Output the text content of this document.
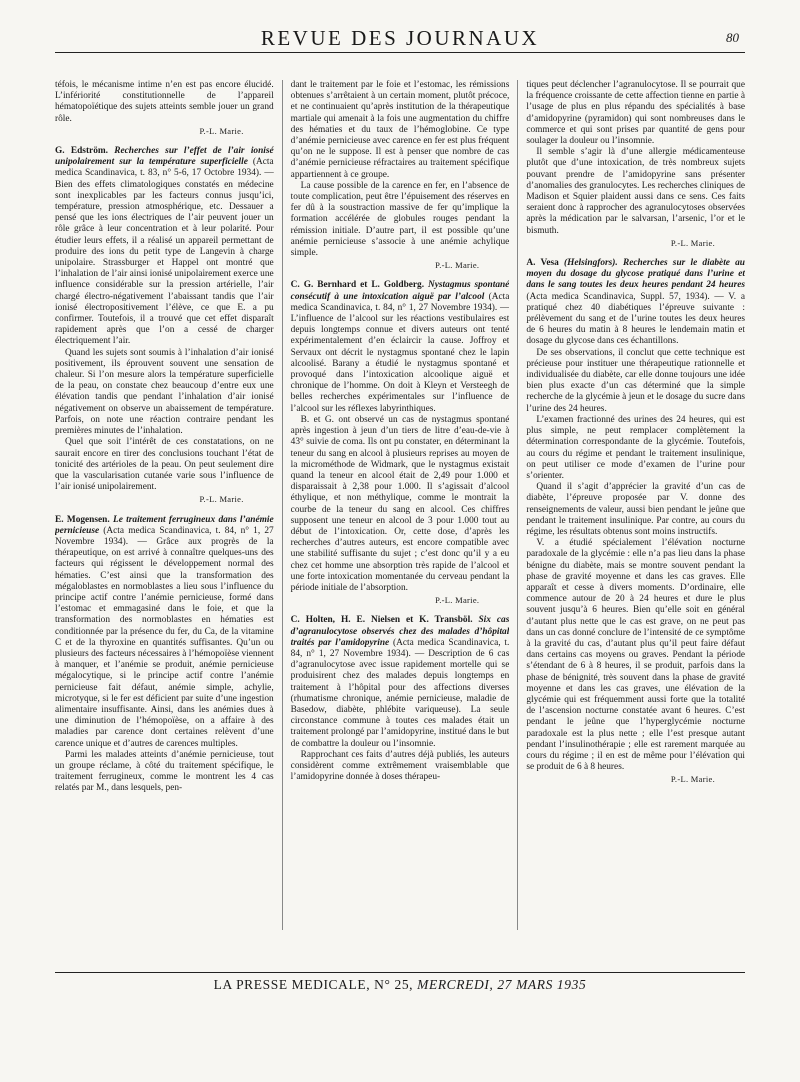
REVUE DES JOURNAUX	80

téfois, le mécanisme intime n’en est pas encore élucidé. L’infériorité constitutionnelle de l’appareil hématopoïétique des sujets atteints semble jouer un grand rôle.

P.-L. Marie.

G. Edström. Recherches sur l’effet de l’air ionisé unipolairement sur la température superficielle (Acta medica Scandinavica, t. 83, n° 5-6, 17 Octobre 1934). — Bien des effets climatologiques constatés en médecine sont inexplicables par les facteurs connus jusqu’ici, température, pression atmosphérique, etc. Dessauer a pensé que les ions électriques de l’air peuvent jouer un rôle grâce à leur concentration et à leur polarité. Pour étudier leurs effets, il a réalisé un appareil permettant de produire des ions du petit type de Langevin à charge unipolaire. Strassburger et Happel ont montré que l’inhalation de l’air ainsi ionisé unipolairement exerce une influence considérable sur la pression artérielle, l’air chargé électro-négativement l’abaissant tandis que l’air ionisé électropositivement l’élève, ce que E. a pu confirmer. Toutefois, il a trouvé que cet effet disparaît rapidement après que l’on a cessé de charger électriquement l’air.

Quand les sujets sont soumis à l’inhalation d’air ionisé positivement, ils éprouvent souvent une sensation de chaleur. Si l’on mesure alors la température superficielle de la peau, on constate chez beaucoup d’entre eux une élévation tandis que pendant l’inhalation d’air ionisé négativement on observe un abaissement de température. Parfois, on note une réaction contraire pendant les premières minutes de l’inhalation.

Quel que soit l’intérêt de ces constatations, on ne saurait encore en tirer des conclusions touchant l’état de tonicité des artérioles de la peau. On peut seulement dire que la vascularisation cutanée varie sous l’influence de l’air ionisé unipolairement.

P.-L. Marie.

E. Mogensen. Le traitement ferrugineux dans l’anémie pernicieuse (Acta medica Scandinavica, t. 84, n° 1, 27 Novembre 1934). — Grâce aux progrès de la thérapeutique, on est arrivé à connaître quelques-uns des facteurs qui régissent le développement normal des hématies. C’est ainsi que la transformation des mégaloblastes en normoblastes a lieu sous l’influence du principe actif contre l’anémie pernicieuse, formé dans l’estomac et emmagasiné dans le foie, et que la transformation des normoblastes en hématies est conditionnée par la présence du fer, du Ca, de la vitamine C et de la thyroxine en quantités suffisantes. Qu’un ou plusieurs des facteurs nécessaires à l’hémopoïèse viennent à manquer, et l’anémie se produit, anémie pernicieuse mégalocytique, si le principe actif contre l’anémie pernicieuse fait défaut, anémie simple, achylie, microtyque, si le fer est déficient par suite d’une ingestion alimentaire insuffisante. Ainsi, dans les anémies dues à une diminution de l’hémopoïèse, on a affaire à des maladies par carence dont certaines relèvent d’une carence unique et d’autres de carences multiples.

Parmi les malades atteints d’anémie pernicieuse, tout un groupe réclame, à côté du traitement spécifique, le traitement ferrugineux, comme le montrent les 4 cas relatés par M., dans lesquels, pen-

dant le traitement par le foie et l’estomac, les rémissions obtenues s’arrêtaient à un certain moment, plutôt précoce, et ne continuaient qu’après institution de la thérapeutique martiale qui amenait à la fois une augmentation du chiffre des hématies et du taux de l’hémoglobine. Ce type d’anémie pernicieuse avec carence en fer est plus fréquent qu’on ne le suppose. Il est à penser que nombre de cas d’anémie pernicieuse réfractaires au traitement spécifique appartiennent à ce groupe.

La cause possible de la carence en fer, en l’absence de toute complication, peut être l’épuisement des réserves en fer dû à la soustraction massive de fer qu’implique la formation accélérée de globules rouges pendant la rémission initiale. D’autre part, il est possible qu’une anémie pernicieuse s’associe à une anémie achylique simple.

P.-L. Marie.

C. G. Bernhard et L. Goldberg. Nystagmus spontané consécutif à une intoxication aiguë par l’alcool (Acta medica Scandinavica, t. 84, n° 1, 27 Novembre 1934). — L’influence de l’alcool sur les réactions vestibulaires est depuis longtemps connue et divers auteurs ont tenté expérimentalement d’en éclaircir la cause. Joffroy et Servaux ont décrit le nystagmus spontané chez le lapin alcoolisé. Barany a étudié le nystagmus spontané et provoqué dans l’intoxication alcoolique aiguë et chronique de l’homme. On doit à Kleyn et Versteegh de belles recherches expérimentales sur l’influence de l’alcool sur les réflexes labyrinthiques.

B. et G. ont observé un cas de nystagmus spontané après ingestion à jeun d’un tiers de litre d’eau-de-vie à 43° suivie de coma. Ils ont pu constater, en déterminant la teneur du sang en alcool à plusieurs reprises au moyen de la microméthode de Widmark, que le nystagmus existait quand la teneur en alcool était de 2,49 pour 1.000 et disparaissait à 2,38 pour 1.000. Il s’agissait d’alcool éthylique, et non méthylique, comme le montrait la courbe de la teneur du sang en alcool. Ces chiffres supposent une teneur en alcool de 3 pour 1.000 tout au début de l’intoxication. Or, cette dose, d’après les recherches d’autres auteurs, est encore compatible avec une stabilité suffisante du sujet ; c’est donc qu’il y a eu chez cet homme une absorption très rapide de l’alcool et une forte intoxication momentanée du cerveau pendant la période initiale de l’absorption.

P.-L. Marie.

C. Holten, H. E. Nielsen et K. Transböl. Six cas d’agranulocytose observés chez des malades d’hôpital traités par l’amidopyrine (Acta medica Scandinavica, t. 84, n° 1, 27 Novembre 1934). — Description de 6 cas d’agranulocytose avec issue rapidement mortelle qui se produisirent chez des malades depuis longtemps en traitement à l’hôpital pour des affections diverses (rhumatisme chronique, anémie pernicieuse, maladie de Basedow, diabète, phlébite variqueuse). La seule circonstance commune à toutes ces malades était un traitement prolongé par l’amidopyrine, institué dans le but de combattre la douleur ou l’insomnie.

Rapprochant ces faits d’autres déjà publiés, les auteurs considèrent comme extrêmement vraisemblable que l’amidopyrine donnée à doses thérapeu-

tiques peut déclencher l’agranulocytose. Il se pourrait que la fréquence croissante de cette affection tienne en partie à l’usage de plus en plus répandu des spécialités à base d’amidopyrine (pyramidon) qui sont nombreuses dans le commerce et qui sont prises par quantité de gens pour soulager la douleur ou l’insomnie.

Il semble s’agir là d’une allergie médicamenteuse plutôt que d’une intoxication, de très nombreux sujets pouvant prendre de l’amidopyrine sans présenter d’anomalies des granulocytes. Les recherches cliniques de Madison et Squier plaident aussi dans ce sens. Ces faits seraient donc à rapprocher des agranulocytoses observées après la médication par le salvarsan, l’arsenic, l’or et le bismuth.

P.-L. Marie.

A. Vesa (Helsingfors). Recherches sur le diabète au moyen du dosage du glycose pratiqué dans l’urine et dans le sang toutes les deux heures pendant 24 heures (Acta medica Scandinavica, Suppl. 57, 1934). — V. a pratiqué chez 40 diabétiques l’épreuve suivante : prélèvement du sang et de l’urine toutes les deux heures de 6 heures du matin à 8 heures le lendemain matin et dosage du glycose dans ces échantillons.

De ses observations, il conclut que cette technique est précieuse pour instituer une thérapeutique rationnelle et individualisée du diabète, car elle donne toujours une idée bien plus exacte d’un cas déterminé que la simple recherche de la glycémie à jeun et le dosage du sucre dans l’urine des 24 heures.

L’examen fractionné des urines des 24 heures, qui est plus simple, ne peut remplacer complètement la détermination correspondante de la glycémie. Toutefois, au cours du régime et pendant le traitement insulinique, on peut utiliser ce mode d’examen de l’urine pour s’orienter.

Quand il s’agit d’apprécier la gravité d’un cas de diabète, l’épreuve proposée par V. donne des renseignements de valeur, aussi bien pendant le jeûne que pendant le traitement insulinique. Par contre, au cours du régime, les résultats obtenus sont moins instructifs.

V. a étudié spécialement l’élévation nocturne paradoxale de la glycémie : elle n’a pas lieu dans la phase bénigne du diabète, mais se montre souvent pendant la phase de gravité moyenne et dans les cas graves. Elle apparaît et cesse à divers moments. D’ordinaire, elle commence autour de 20 à 24 heures et dure le plus souvent jusqu’à 6 heures. Bien qu’elle soit en général d’autant plus nette que le cas est grave, on ne peut pas dans un cas donné conclure de l’intensité de ce symptôme à la gravité du cas, d’autant plus qu’il peut faire défaut dans certains cas moyens ou graves. Pendant la période s’étendant de 6 à 8 heures, il se produit, parfois dans la phase de bénignité, très souvent dans la phase de gravité moyenne et dans les cas graves, une élévation de la glycémie qui est fréquemment aussi forte que la totalité de l’ascension nocturne constatée avant 6 heures. C’est pendant le jeûne que l’hyperglycémie nocturne paradoxale est la plus nette ; elle l’est presque autant pendant l’insulinothérapie ; elle est rarement marquée au cours du régime ; il en est de même pour l’élévation qui se produit de 6 à 8 heures.

P.-L. Marie.
LA PRESSE MEDICALE, N° 25, MERCREDI, 27 MARS 1935
